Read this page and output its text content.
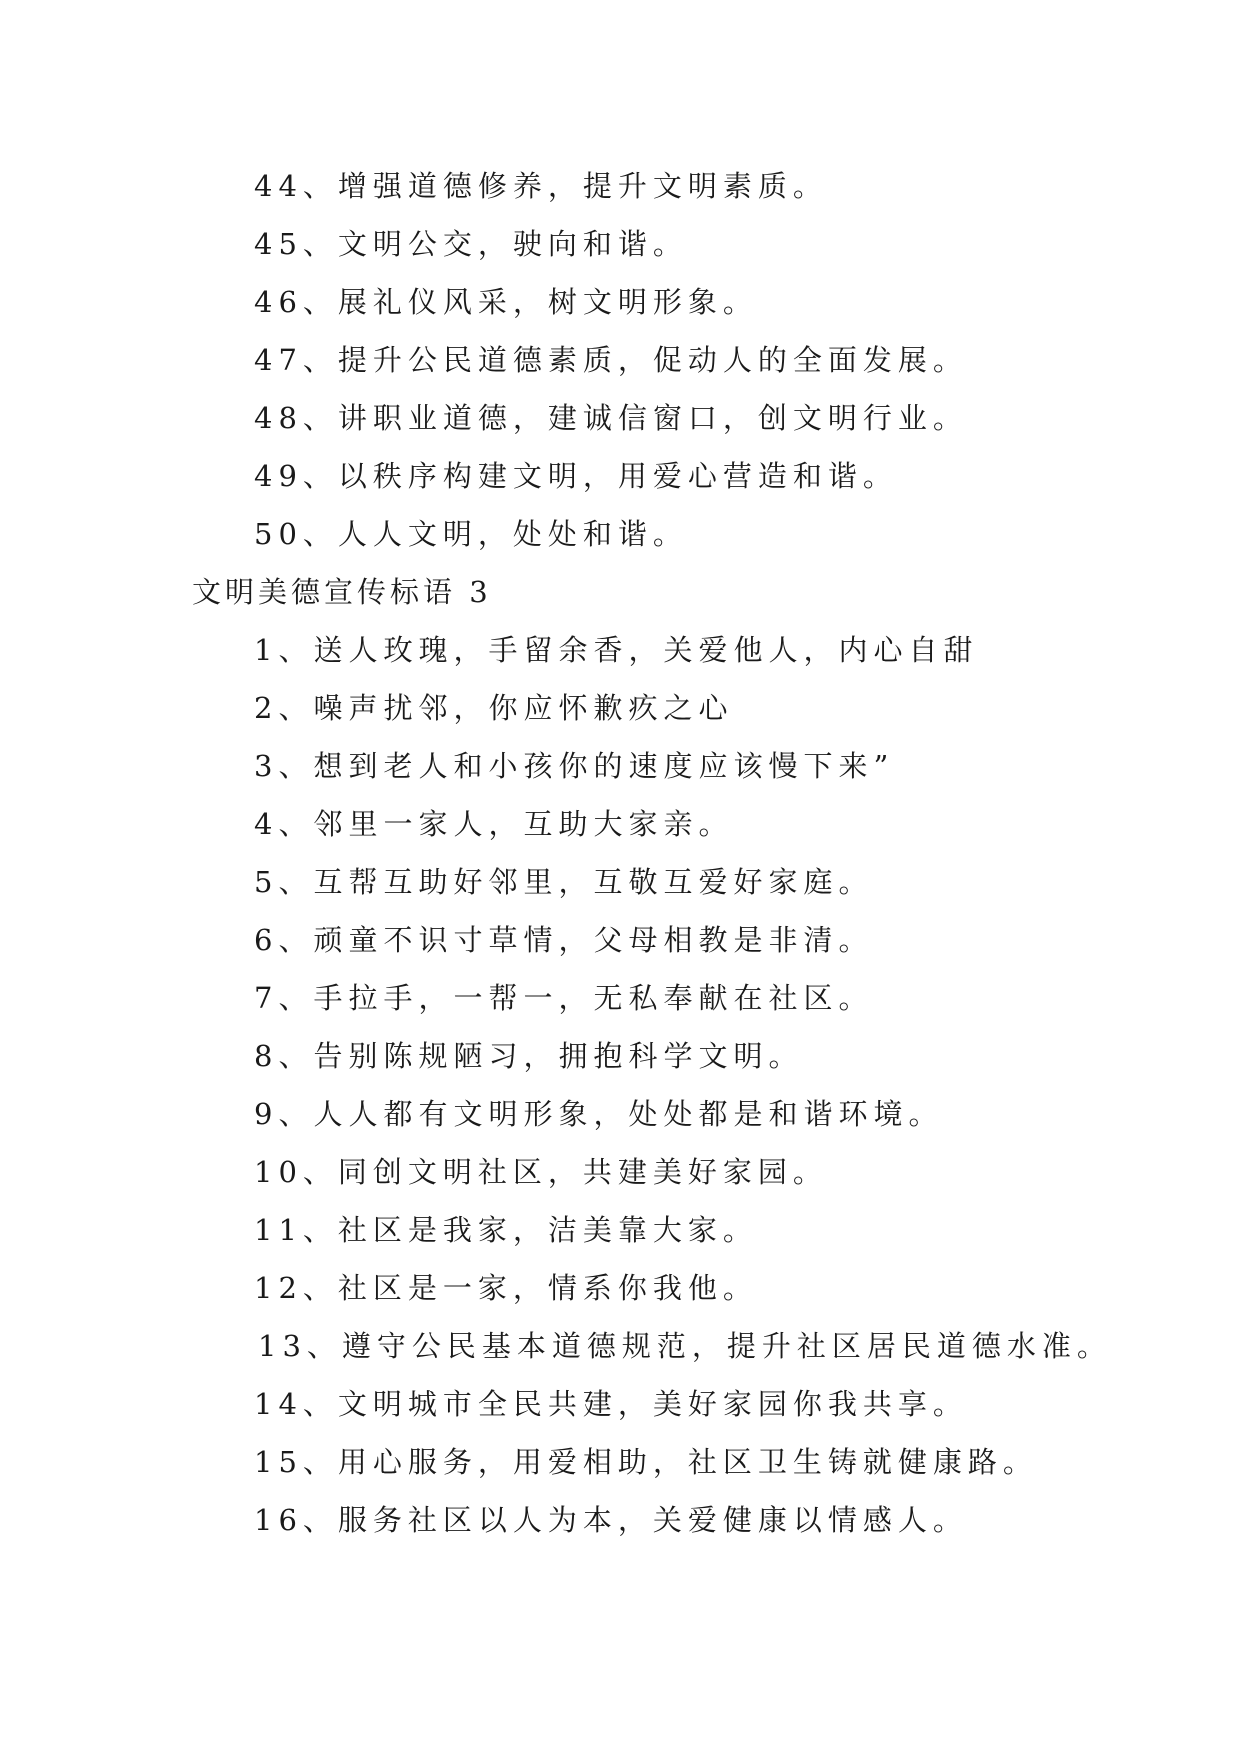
44、增强道德修养，提升文明素质。
45、文明公交，驶向和谐。
46、展礼仪风采，树文明形象。
47、提升公民道德素质，促动人的全面发展。
48、讲职业道德，建诚信窗口，创文明行业。
49、以秩序构建文明，用爱心营造和谐。
50、人人文明，处处和谐。
文明美德宣传标语 3
1、送人玫瑰，手留余香，关爱他人，内心自甜
2、噪声扰邻，你应怀歉疚之心
3、想到老人和小孩你的速度应该慢下来”
4、邻里一家人，互助大家亲。
5、互帮互助好邻里，互敬互爱好家庭。
6、顽童不识寸草情，父母相教是非清。
7、手拉手，一帮一，无私奉献在社区。
8、告别陈规陋习，拥抱科学文明。
9、人人都有文明形象，处处都是和谐环境。
10、同创文明社区，共建美好家园。
11、社区是我家，洁美靠大家。
12、社区是一家，情系你我他。
13、遵守公民基本道德规范，提升社区居民道德水准。
14、文明城市全民共建，美好家园你我共享。
15、用心服务，用爱相助，社区卫生铸就健康路。
16、服务社区以人为本，关爱健康以情感人。
